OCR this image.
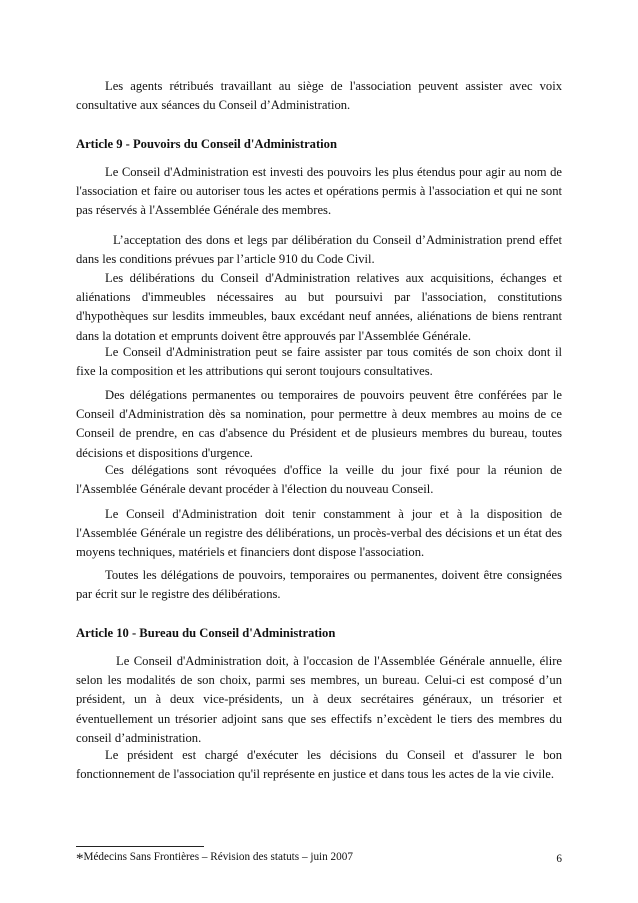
Les agents rétribués travaillant au siège de l'association peuvent assister avec voix consultative aux séances du Conseil d’Administration.

Article 9 - Pouvoirs du Conseil d'Administration

Le Conseil d'Administration est investi des pouvoirs les plus étendus pour agir au nom de l'association et faire ou autoriser tous les actes et opérations permis à l'association et qui ne sont pas réservés à l'Assemblée Générale des membres.

L’acceptation des dons et legs par délibération du Conseil d’Administration prend effet dans les conditions prévues par l’article 910 du Code Civil.

Les délibérations du Conseil d'Administration relatives aux acquisitions, échanges et aliénations d'immeubles nécessaires au but poursuivi par l'association, constitutions d'hypothèques sur lesdits immeubles, baux excédant neuf années, aliénations de biens rentrant dans la dotation et emprunts doivent être approuvés par l'Assemblée Générale.

Le Conseil d'Administration peut se faire assister par tous comités de son choix dont il fixe la composition et les attributions qui seront toujours consultatives.

Des délégations permanentes ou temporaires de pouvoirs peuvent être conférées par le Conseil d'Administration dès sa nomination, pour permettre à deux membres au moins de ce Conseil de prendre, en cas d'absence du Président et de plusieurs membres du bureau, toutes décisions et dispositions d'urgence.

Ces délégations sont révoquées d'office la veille du jour fixé pour la réunion de l'Assemblée Générale devant procéder à l'élection du nouveau Conseil.

Le Conseil d'Administration doit tenir constamment à jour et à la disposition de l'Assemblée Générale un registre des délibérations, un procès-verbal des décisions et un état des moyens techniques, matériels et financiers dont dispose l'association.

Toutes les délégations de pouvoirs, temporaires ou permanentes, doivent être consignées par écrit sur le registre des délibérations.

Article 10 - Bureau du Conseil d'Administration

Le Conseil d'Administration doit, à l'occasion de l'Assemblée Générale annuelle, élire selon les modalités de son choix, parmi ses membres, un bureau. Celui-ci est composé d’un président, un à deux vice-présidents, un à deux secrétaires généraux, un trésorier et éventuellement un trésorier adjoint sans que ses effectifs n’excèdent le tiers des membres du conseil d’administration.

Le président est chargé d'exécuter les décisions du Conseil et d'assurer le bon fonctionnement de l'association qu'il représente en justice et dans tous les actes de la vie civile.

*Médecins Sans Frontières – Révision des statuts – juin 2007	6
